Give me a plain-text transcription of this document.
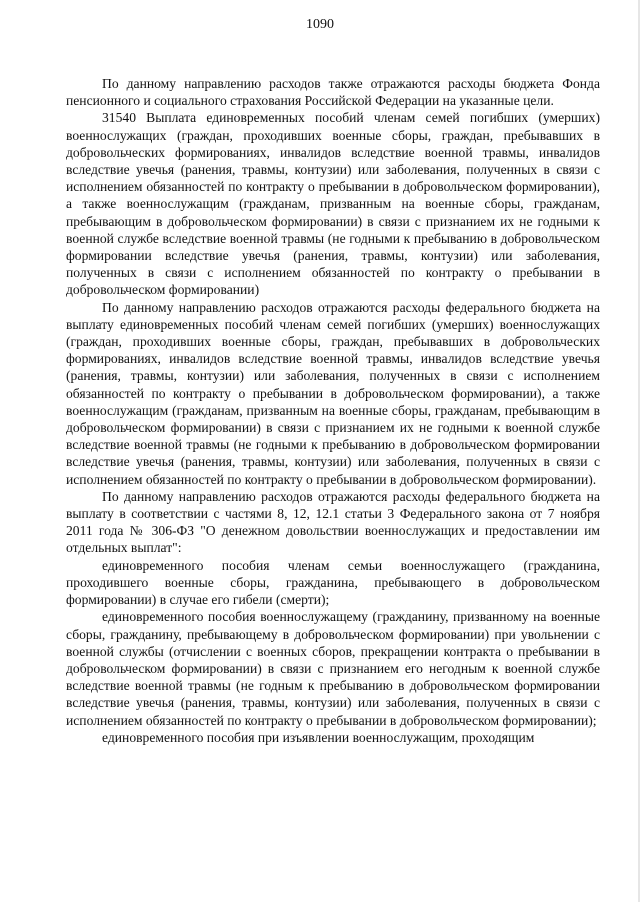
1090

По данному направлению расходов также отражаются расходы бюджета Фонда пенсионного и социального страхования Российской Федерации на указанные цели.

31540 Выплата единовременных пособий членам семей погибших (умерших) военнослужащих (граждан, проходивших военные сборы, граждан, пребывавших в добровольческих формированиях, инвалидов вследствие военной травмы, инвалидов вследствие увечья (ранения, травмы, контузии) или заболевания, полученных в связи с исполнением обязанностей по контракту о пребывании в добровольческом формировании), а также военнослужащим (гражданам, призванным на военные сборы, гражданам, пребывающим в добровольческом формировании) в связи с признанием их не годными к военной службе вследствие военной травмы (не годными к пребыванию в добровольческом формировании вследствие увечья (ранения, травмы, контузии) или заболевания, полученных в связи с исполнением обязанностей по контракту о пребывании в добровольческом формировании)

По данному направлению расходов отражаются расходы федерального бюджета на выплату единовременных пособий членам семей погибших (умерших) военнослужащих (граждан, проходивших военные сборы, граждан, пребывавших в добровольческих формированиях, инвалидов вследствие военной травмы, инвалидов вследствие увечья (ранения, травмы, контузии) или заболевания, полученных в связи с исполнением обязанностей по контракту о пребывании в добровольческом формировании), а также военнослужащим (гражданам, призванным на военные сборы, гражданам, пребывающим в добровольческом формировании) в связи с признанием их не годными к военной службе вследствие военной травмы (не годными к пребыванию в добровольческом формировании вследствие увечья (ранения, травмы, контузии) или заболевания, полученных в связи с исполнением обязанностей по контракту о пребывании в добровольческом формировании).

По данному направлению расходов отражаются расходы федерального бюджета на выплату в соответствии с частями 8, 12, 12.1 статьи 3 Федерального закона от 7 ноября 2011 года № 306-ФЗ "О денежном довольствии военнослужащих и предоставлении им отдельных выплат":

единовременного пособия членам семьи военнослужащего (гражданина, проходившего военные сборы, гражданина, пребывающего в добровольческом формировании) в случае его гибели (смерти);

единовременного пособия военнослужащему (гражданину, призванному на военные сборы, гражданину, пребывающему в добровольческом формировании) при увольнении с военной службы (отчислении с военных сборов, прекращении контракта о пребывании в добровольческом формировании) в связи с признанием его негодным к военной службе вследствие военной травмы (не годным к пребыванию в добровольческом формировании вследствие увечья (ранения, травмы, контузии) или заболевания, полученных в связи с исполнением обязанностей по контракту о пребывании в добровольческом формировании);

единовременного пособия при изъявлении военнослужащим, проходящим
